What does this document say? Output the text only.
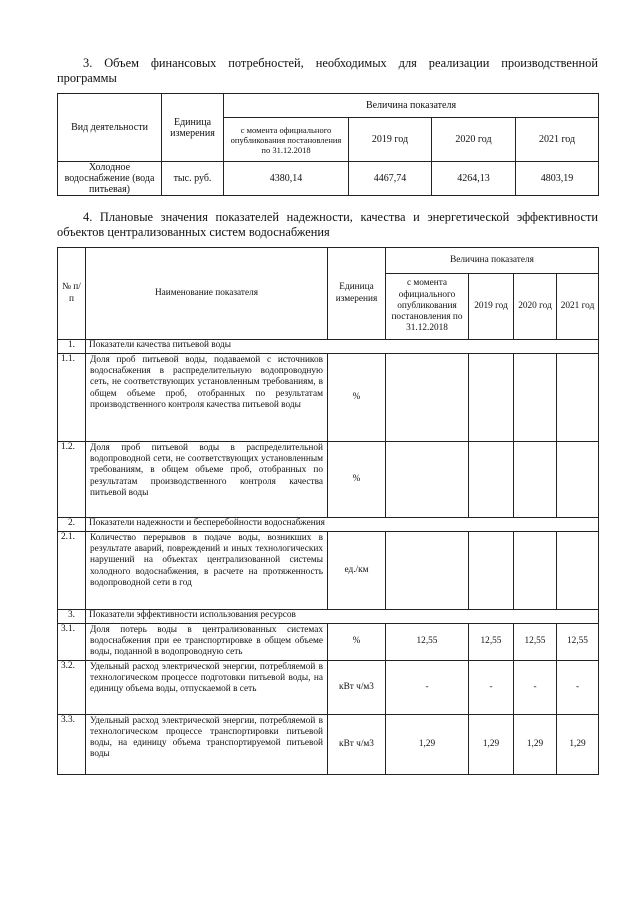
3. Объем финансовых потребностей, необходимых для реализации производственной программы
Вид деятельности	Единица измерения	Величина показателя			
		с момента официального опубликования постановления по 31.12.2018	2019 год	2020 год	2021 год
Холодное водоснабжение (вода питьевая)	тыс. руб.	4380,14	4467,74	4264,13	4803,19
4. Плановые значения показателей надежности, качества и энергетической эффективности объектов централизованных систем водоснабжения
№ п/п	Наименование показателя	Единица измерения	Величина показателя			
			с момента официального опубликования постановления по 31.12.2018	2019 год	2020 год	2021 год
1.	Показатели качества питьевой воды					
1.1.	Доля проб питьевой воды, подаваемой с источников водоснабжения в распределительную водопроводную сеть, не соответствующих установленным требованиям, в общем объеме проб, отобранных по результатам производственного контроля качества питьевой воды	%				
1.2.	Доля проб питьевой воды в распределительной водопроводной сети, не соответствующих установленным требованиям, в общем объеме проб, отобранных по результатам производственного контроля качества питьевой воды	%				
2.	Показатели надежности и бесперебойности водоснабжения					
2.1.	Количество перерывов в подаче воды, возникших в результате аварий, повреждений и иных технологических нарушений на объектах централизованной системы холодного водоснабжения, в расчете на протяженность водопроводной сети в год	ед./км				
3.	Показатели эффективности использования ресурсов					
3.1.	Доля потерь воды в централизованных системах водоснабжения при ее транспортировке в общем объеме воды, поданной в водопроводную сеть	%	12,55	12,55	12,55	12,55
3.2.	Удельный расход электрической энергии, потребляемой в технологическом процессе подготовки питьевой воды, на единицу объема воды, отпускаемой в сеть	кВт ч/м3	-	-	-	-
3.3.	Удельный расход электрической энергии, потребляемой в технологическом процессе транспортировки питьевой воды, на единицу объема транспортируемой питьевой воды	кВт ч/м3	1,29	1,29	1,29	1,29
